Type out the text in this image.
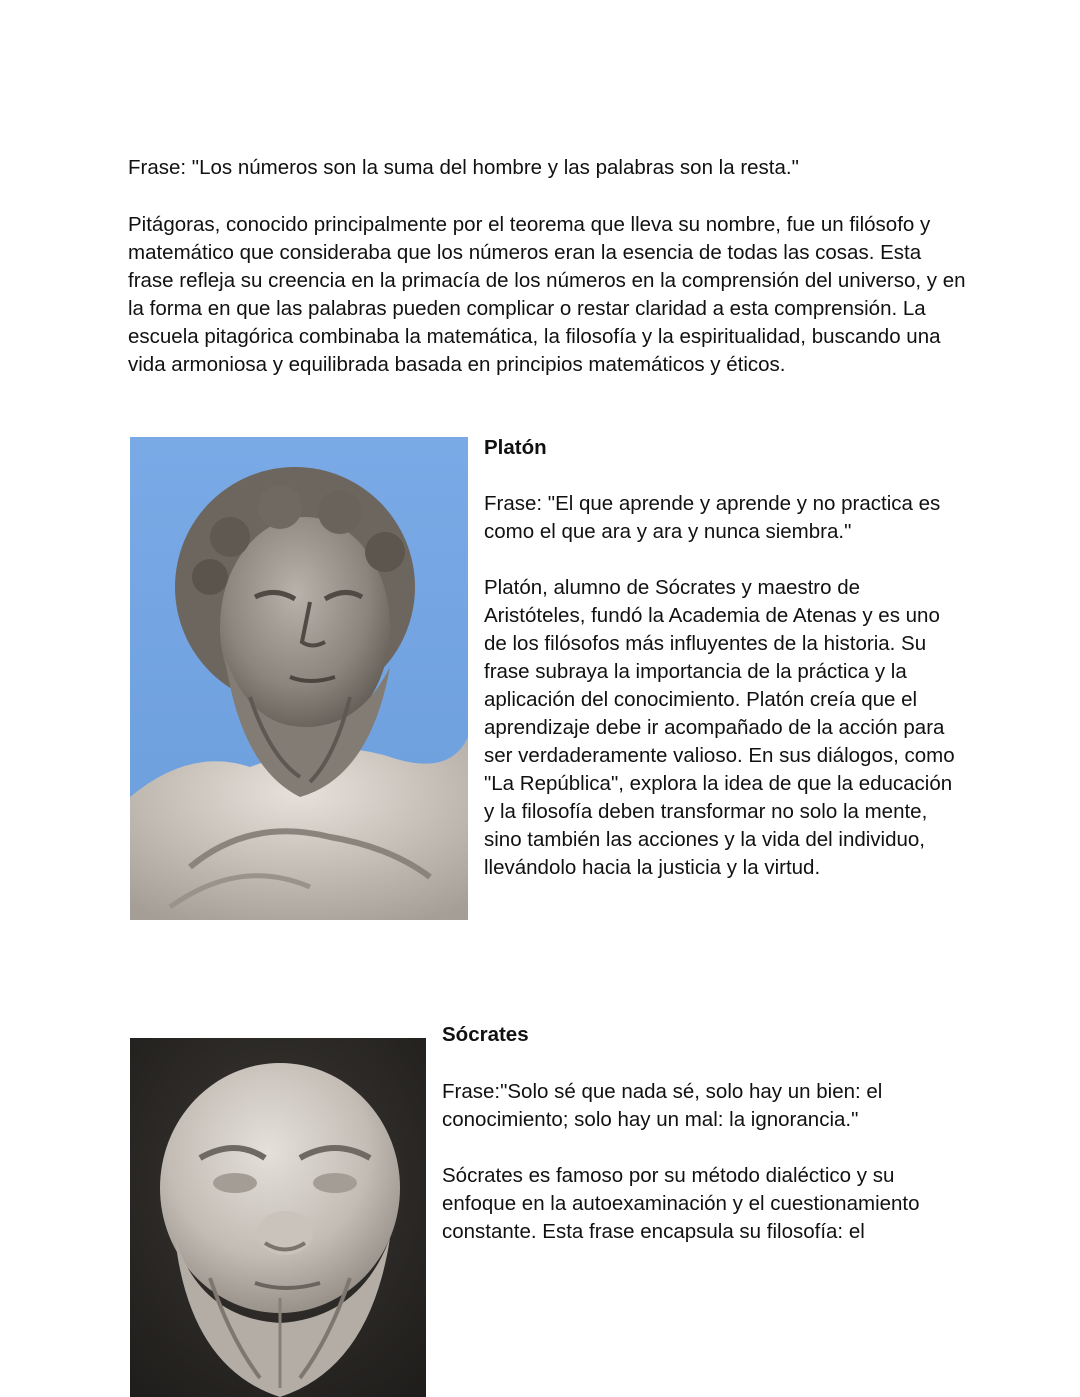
Frase: "Los números son la suma del hombre y las palabras son la resta."

Pitágoras, conocido principalmente por el teorema que lleva su nombre, fue un filósofo y matemático que consideraba que los números eran la esencia de todas las cosas. Esta frase refleja su creencia en la primacía de los números en la comprensión del universo, y en la forma en que las palabras pueden complicar o restar claridad a esta comprensión. La escuela pitagórica combinaba la matemática, la filosofía y la espiritualidad, buscando una vida armoniosa y equilibrada basada en principios matemáticos y éticos.

Platón

Frase: "El que aprende y aprende y no practica es como el que ara y ara y nunca siembra."

Platón, alumno de Sócrates y maestro de Aristóteles, fundó la Academia de Atenas y es uno de los filósofos más influyentes de la historia. Su frase subraya la importancia de la práctica y la aplicación del conocimiento. Platón creía que el aprendizaje debe ir acompañado de la acción para ser verdaderamente valioso. En sus diálogos, como "La República", explora la idea de que la educación y la filosofía deben transformar no solo la mente, sino también las acciones y la vida del individuo, llevándolo hacia la justicia y la virtud.

Sócrates

Frase:"Solo sé que nada sé, solo hay un bien: el conocimiento; solo hay un mal: la ignorancia."

Sócrates es famoso por su método dialéctico y su enfoque en la autoexaminación y el cuestionamiento constante. Esta frase encapsula su filosofía: el
